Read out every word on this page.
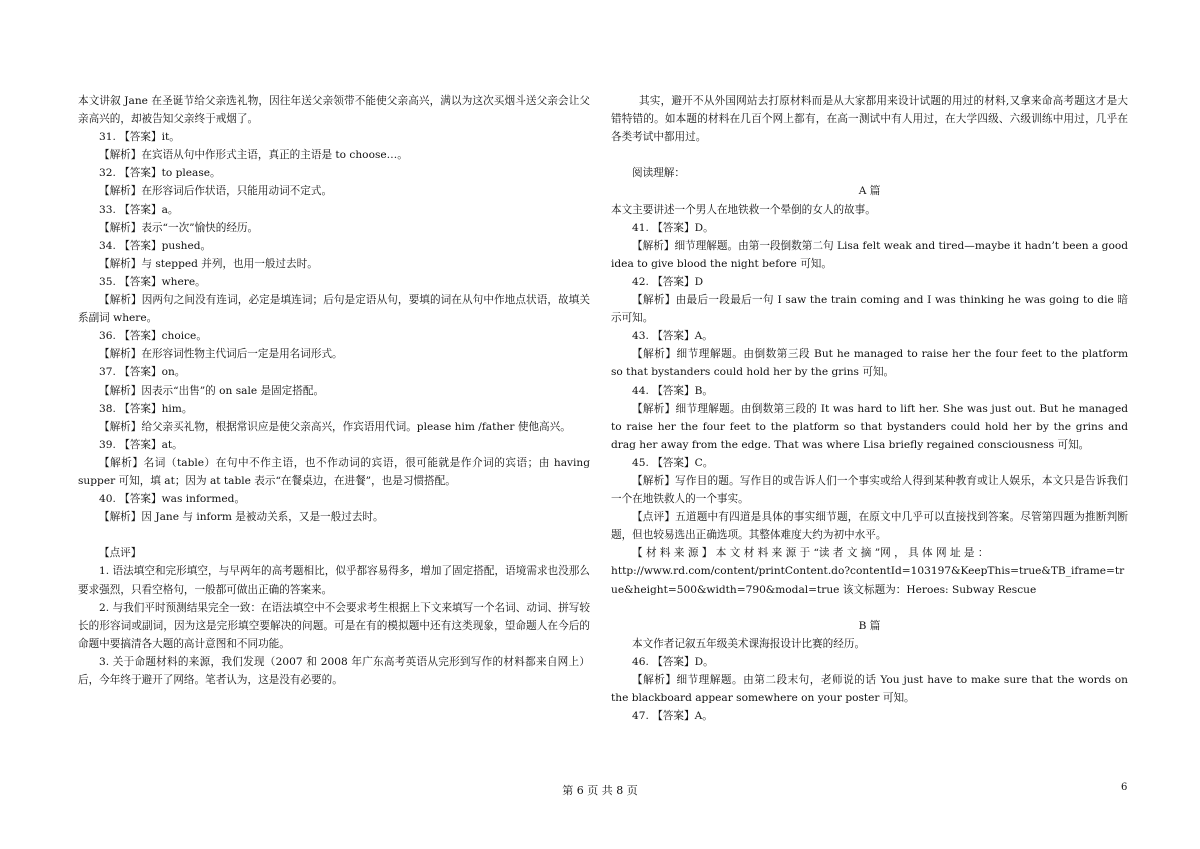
本文讲叙 Jane 在圣诞节给父亲选礼物，因往年送父亲领带不能使父亲高兴，满以为这次买烟斗送父亲会让父亲高兴的，却被告知父亲终于戒烟了。

31. 【答案】it。

【解析】在宾语从句中作形式主语，真正的主语是 to choose…。

32. 【答案】to please。

【解析】在形容词后作状语，只能用动词不定式。

33. 【答案】a。

【解析】表示“一次”愉快的经历。

34. 【答案】pushed。

【解析】与 stepped 并列，也用一般过去时。

35. 【答案】where。

【解析】因两句之间没有连词，必定是填连词；后句是定语从句，要填的词在从句中作地点状语，故填关系副词 where。

36. 【答案】choice。

【解析】在形容词性物主代词后一定是用名词形式。

37. 【答案】on。

【解析】因表示“出售”的 on sale 是固定搭配。

38. 【答案】him。

【解析】给父亲买礼物，根据常识应是使父亲高兴，作宾语用代词。please him /father 使他高兴。

39. 【答案】at。

【解析】名词（table）在句中不作主语，也不作动词的宾语，很可能就是作介词的宾语；由 having supper 可知，填 at；因为 at table 表示“在餐桌边，在进餐”，也是习惯搭配。

40. 【答案】was informed。

【解析】因 Jane 与 inform 是被动关系，又是一般过去时。

【点评】

1. 语法填空和完形填空，与早两年的高考题相比，似乎都容易得多，增加了固定搭配，语境需求也没那么要求强烈，只看空格句，一般都可做出正确的答案来。

2. 与我们平时预测结果完全一致：在语法填空中不会要求考生根据上下文来填写一个名词、动词、拼写较长的形容词或副词，因为这是完形填空要解决的问题。可是在有的模拟题中还有这类现象，望命题人在今后的命题中要搞清各大题的高计意图和不同功能。

3. 关于命题材料的来源，我们发现（2007 和 2008 年广东高考英语从完形到写作的材料都来自网上）后，今年终于避开了网络。笔者认为，这是没有必要的。

其实，避开不从外国网站去打原材料而是从大家都用来设计试题的用过的材料,又拿来命高考题这才是大错特错的。如本题的材料在几百个网上都有，在高一测试中有人用过，在大学四级、六级训练中用过，几乎在各类考试中都用过。

阅读理解：

A 篇

本文主要讲述一个男人在地铁救一个晕倒的女人的故事。

41. 【答案】D。

【解析】细节理解题。由第一段倒数第二句 Lisa felt weak and tired—maybe it hadn’t been a good idea to give blood the night before 可知。

42. 【答案】D

【解析】由最后一段最后一句 I saw the train coming and I was thinking he was going to die 暗示可知。

43. 【答案】A。

【解析】细节理解题。由倒数第三段 But he managed to raise her the four feet to the platform so that bystanders could hold her by the grins 可知。

44. 【答案】B。

【解析】细节理解题。由倒数第三段的 It was hard to lift her. She was just out. But he managed to raise her the four feet to the platform so that bystanders could hold her by the grins and drag her away from the edge. That was where Lisa briefly regained consciousness 可知。

45. 【答案】C。

【解析】写作目的题。写作目的或告诉人们一个事实或给人得到某种教育或让人娱乐，本文只是告诉我们一个在地铁救人的一个事实。

【点评】五道题中有四道是具体的事实细节题，在原文中几乎可以直接找到答案。尽管第四题为推断判断题，但也较易选出正确选项。其整体难度大约为初中水平。

【 材 料 来 源 】 本 文 材 料 来 源 于 “读 者 文 摘 ”网 ， 具 体 网 址 是 ：

http://www.rd.com/content/printContent.do?contentId=103197&KeepThis=true&TB_iframe=true&height=500&width=790&modal=true 该文标题为：Heroes: Subway Rescue

B 篇

本文作者记叙五年级美术课海报设计比赛的经历。

46. 【答案】D。

【解析】细节理解题。由第二段末句，老师说的话 You just have to make sure that the words on the blackboard appear somewhere on your poster 可知。

47. 【答案】A。

第 6 页 共 8 页	6
